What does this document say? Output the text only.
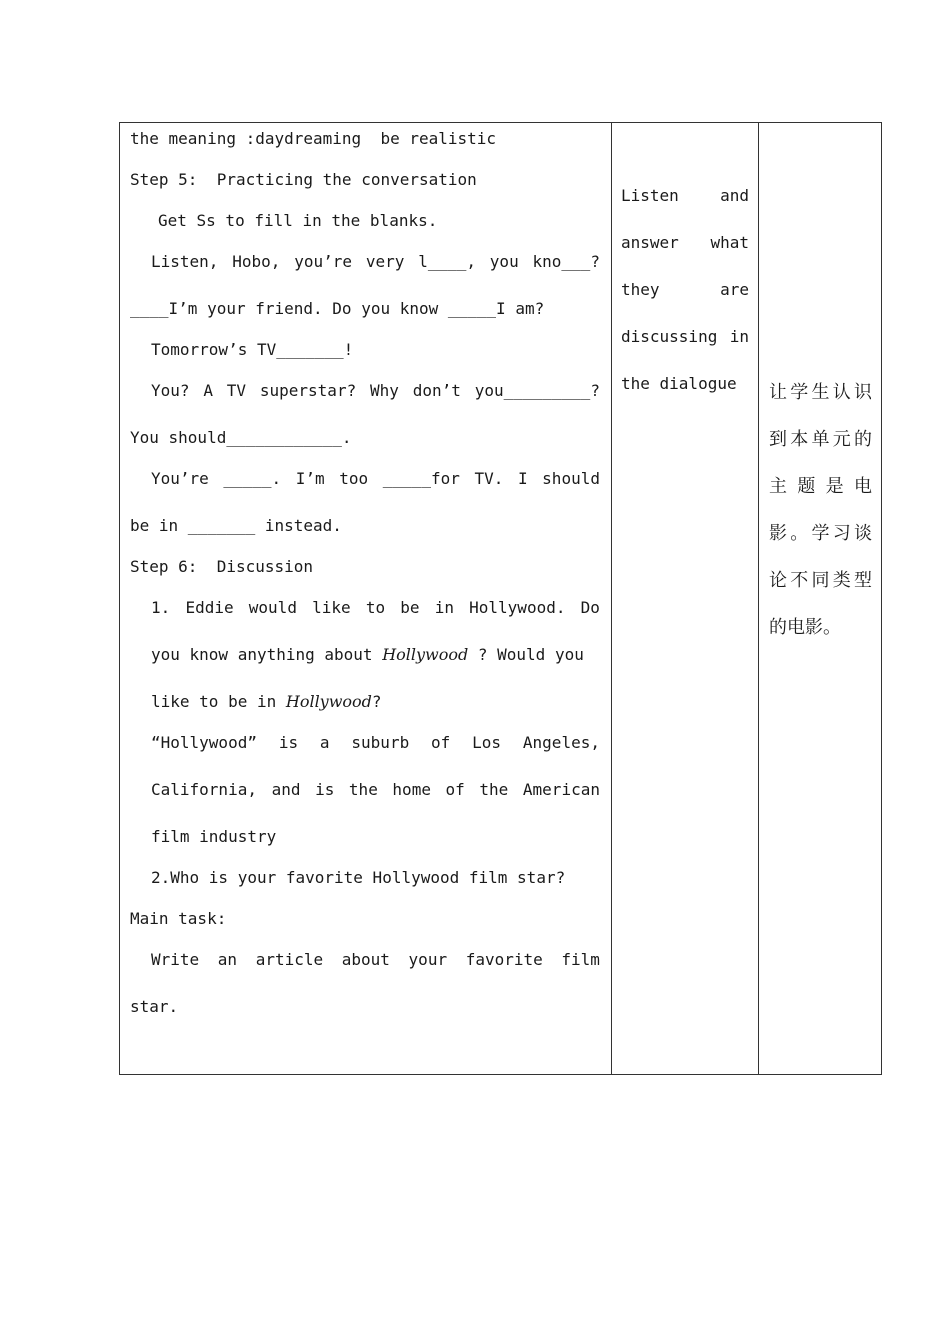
the meaning :daydreaming be realistic
Step 5:  Practicing the conversation
Get Ss to fill in the blanks.
Listen, Hobo, you’re very l____, you kno___?
____I’m your friend. Do you know _____I am?
Tomorrow’s TV_______!
You? A TV superstar? Why don’t you_________?
You should____________.
You’re _____. I’m too _____for TV. I should
be in _______ instead.
Step 6:  Discussion
1. Eddie would like to be in Hollywood. Do
you know anything about Hollywood ? Would you
like to be in Hollywood?
“Hollywood” is a suburb of Los Angeles,
California, and is the home of the American
film industry
2.Who is your favorite Hollywood film star?
Main task:
Write an article about your favorite film
star.
Listen	and
answer what
they	are
discussing in
the dialogue 让 学 生 认 识
到 本 单 元 的
主 题 是 电
影 。 学 习 谈
论 不 同 类 型
的电影。
